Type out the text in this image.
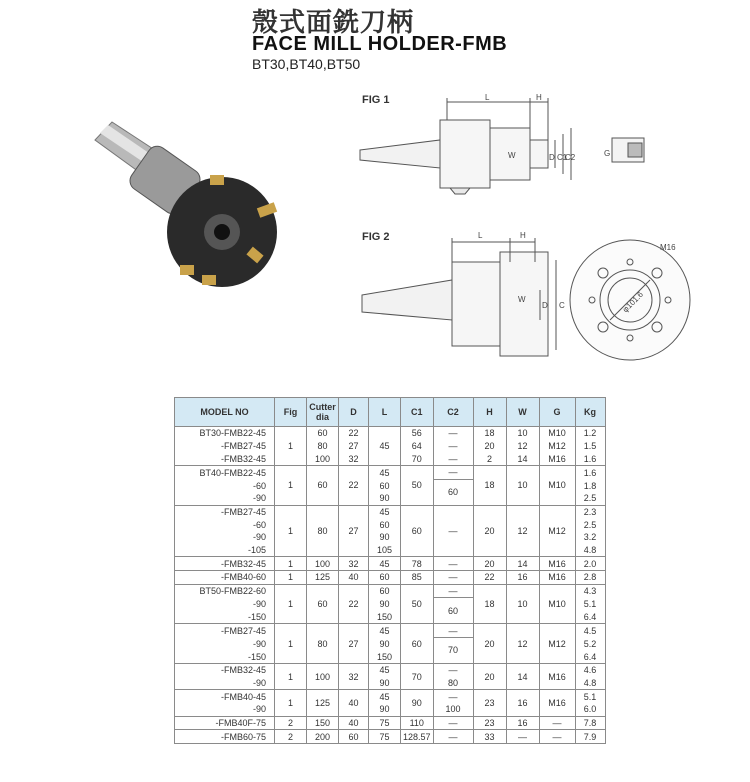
殼式面銑刀柄
FACE MILL HOLDER-FMB
BT30,BT40,BT50
FIG 1
FIG 2
L	H
W	D C1
C2	G
L	H
W
D C
M16
φ101.6
MODEL NO	Fig	Cutter dia	D	L	C1	C2	H	W	G	Kg
BT30-FMB22-45	1	60	22	45	56	—	18	10	M10	1.2
-FMB27-45		80	27		64	—	20	12	M12	1.5
-FMB32-45		100	32		70	—	2	14	M16	1.6
BT40-FMB22-45	1	60	22	45	50	—	18	10	M10	1.6
-60				60		60				1.8
-90				90						2.5
-FMB27-45	1	80	27	45	60	—	20	12	M12	2.3
-60				60						2.5
-90				90						3.2
-105				105						4.8
-FMB32-45	1	100	32	45	78	—	20	14	M16	2.0
-FMB40-60	1	125	40	60	85	—	22	16	M16	2.8
BT50-FMB22-60	1	60	22	60	50	—	18	10	M10	4.3
-90				90		60				5.1
-150				150						6.4
-FMB27-45	1	80	27	45	60	—	20	12	M12	4.5
-90				90		70				5.2
-150				150						6.4
-FMB32-45	1	100	32	45	70	—	20	14	M16	4.6
-90				90		80				4.8
-FMB40-45	1	125	40	45	90	—	23	16	M16	5.1
-90				90		100				6.0
-FMB40F-75	2	150	40	75	110	—	23	16	—	7.8
-FMB60-75	2	200	60	75	128.57	—	33	—	—	7.9
